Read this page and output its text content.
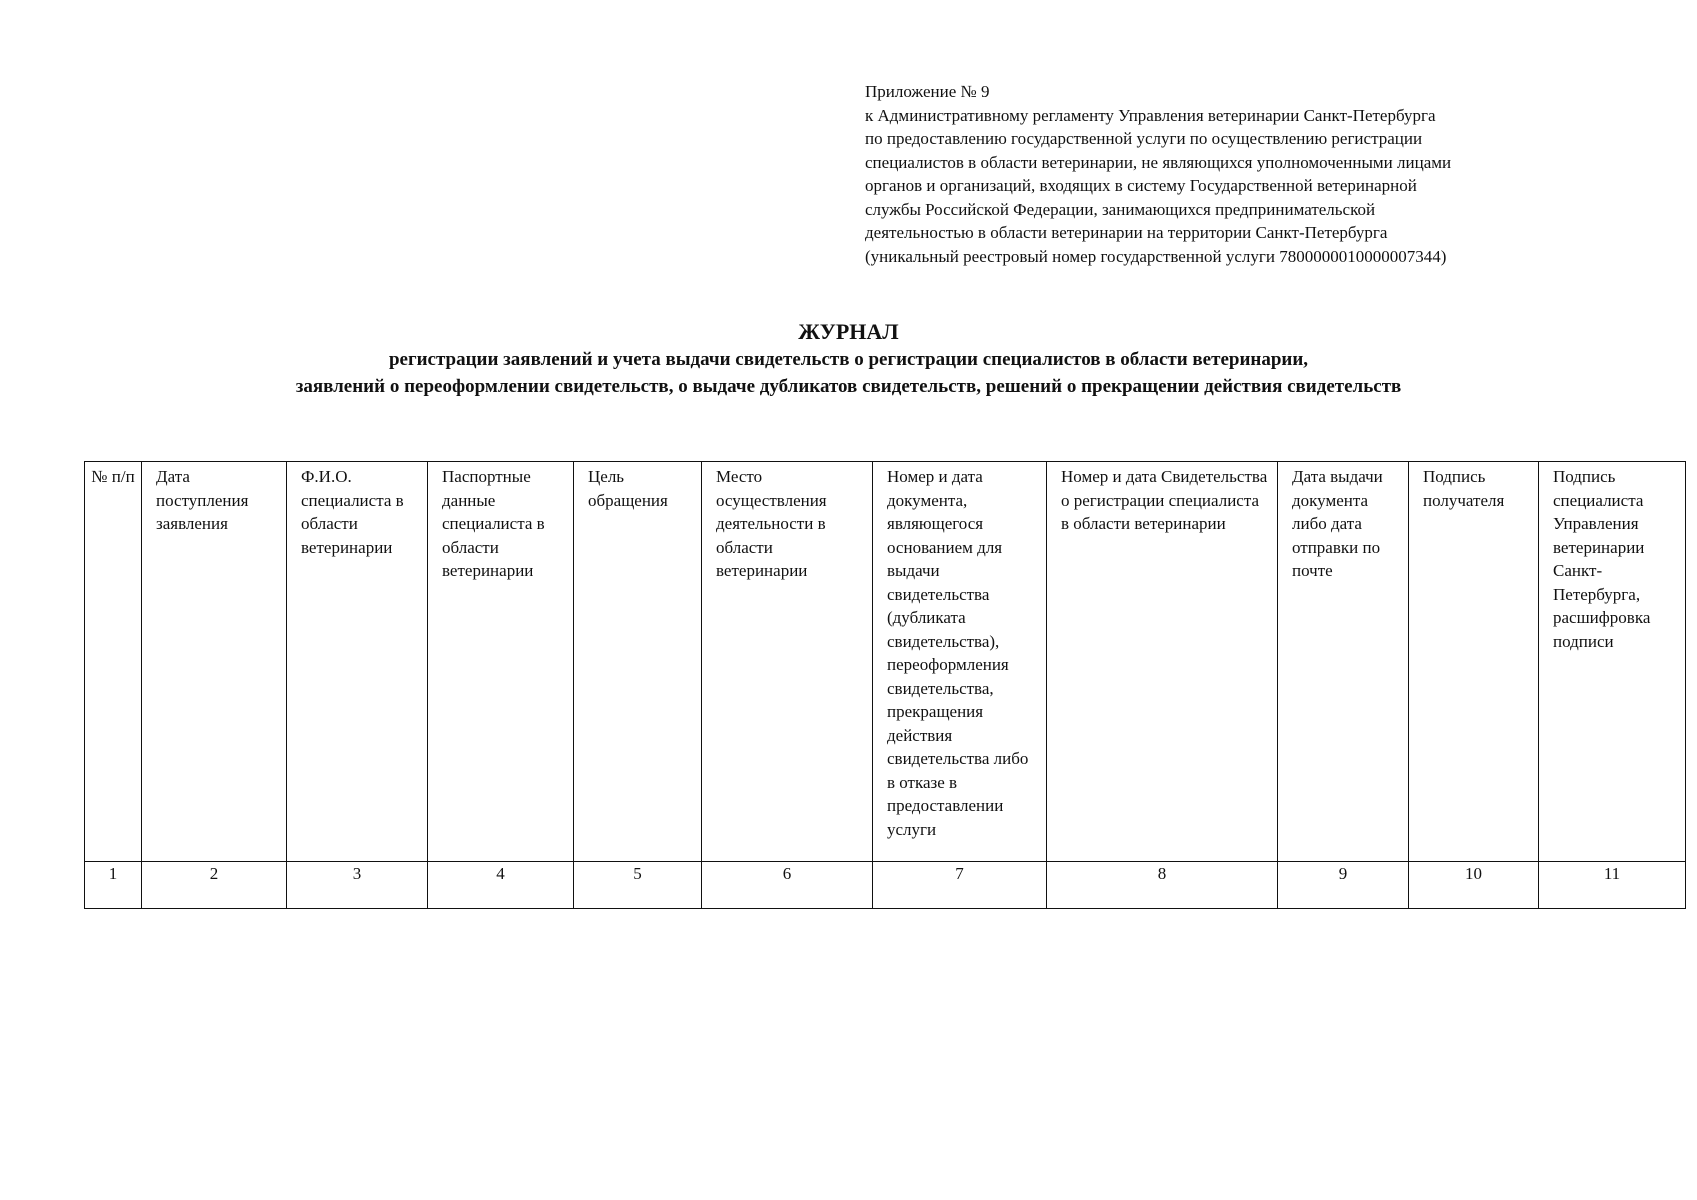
Приложение № 9
к Административному регламенту Управления ветеринарии Санкт-Петербурга
по предоставлению государственной услуги по осуществлению регистрации
специалистов в области ветеринарии, не являющихся уполномоченными лицами
органов и организаций, входящих в систему Государственной ветеринарной
службы Российской Федерации, занимающихся предпринимательской
деятельностью в области ветеринарии на территории Санкт-Петербурга
(уникальный реестровый номер государственной услуги 7800000010000007344)
ЖУРНАЛ
регистрации заявлений и учета выдачи свидетельств о регистрации специалистов в области ветеринарии,
заявлений о переоформлении свидетельств, о выдаче дубликатов свидетельств, решений о прекращении действия свидетельств
№ п/п	Дата поступления заявления	Ф.И.О. специалиста в области ветеринарии	Паспортные данные специалиста в области ветеринарии	Цель обращения	Место осуществления деятельности в области ветеринарии	Номер и дата документа, являющегося основанием для выдачи свидетельства (дубликата свидетельства), переоформления свидетельства, прекращения действия свидетельства либо в отказе в предоставлении услуги	Номер и дата Свидетельства о регистрации специалиста в области ветеринарии	Дата выдачи документа либо дата отправки по почте	Подпись получателя	Подпись специалиста Управления ветеринарии Санкт-Петербурга, расшифровка подписи
1	2	3	4	5	6	7	8	9	10	11
